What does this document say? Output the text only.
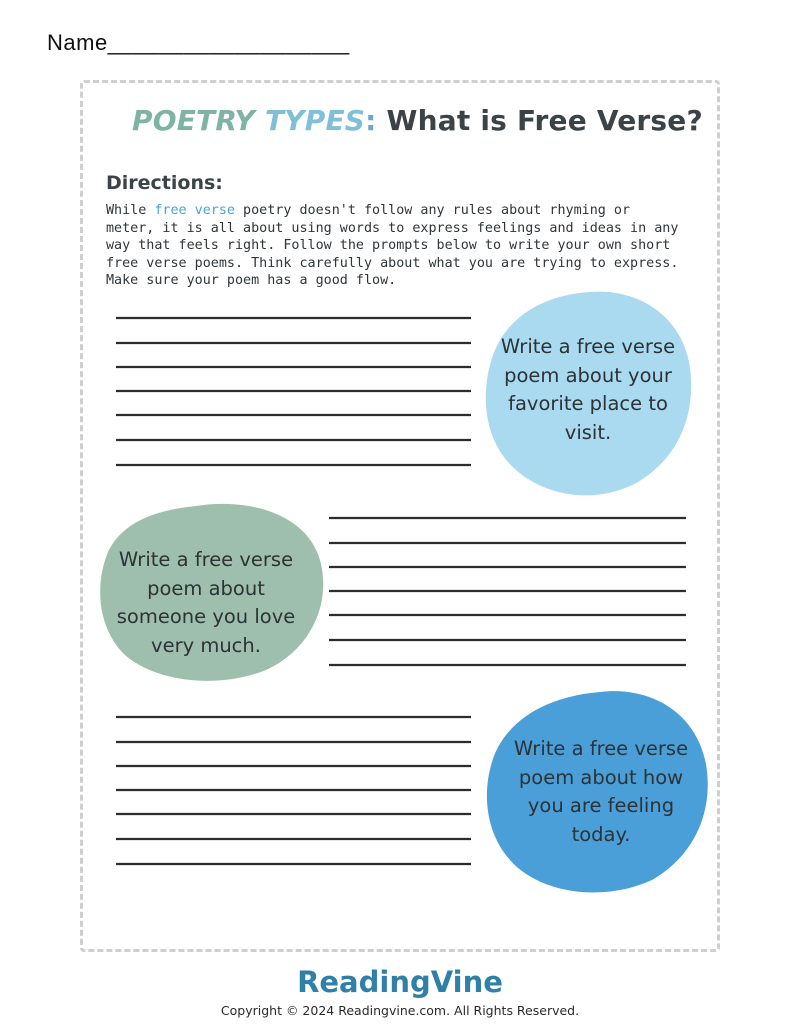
Name___________________
POETRY TYPES: What is Free Verse?
Directions:
While free verse poetry doesn't follow any rules about rhyming or meter, it is all about using words to express feelings and ideas in any way that feels right. Follow the prompts below to write your own short free verse poems. Think carefully about what you are trying to express. Make sure your poem has a good flow.
Write a free verse poem about your favorite place to visit.
Write a free verse poem about someone you love very much.
Write a free verse poem about how you are feeling today.
ReadingVine
Copyright © 2024 Readingvine.com. All Rights Reserved.
